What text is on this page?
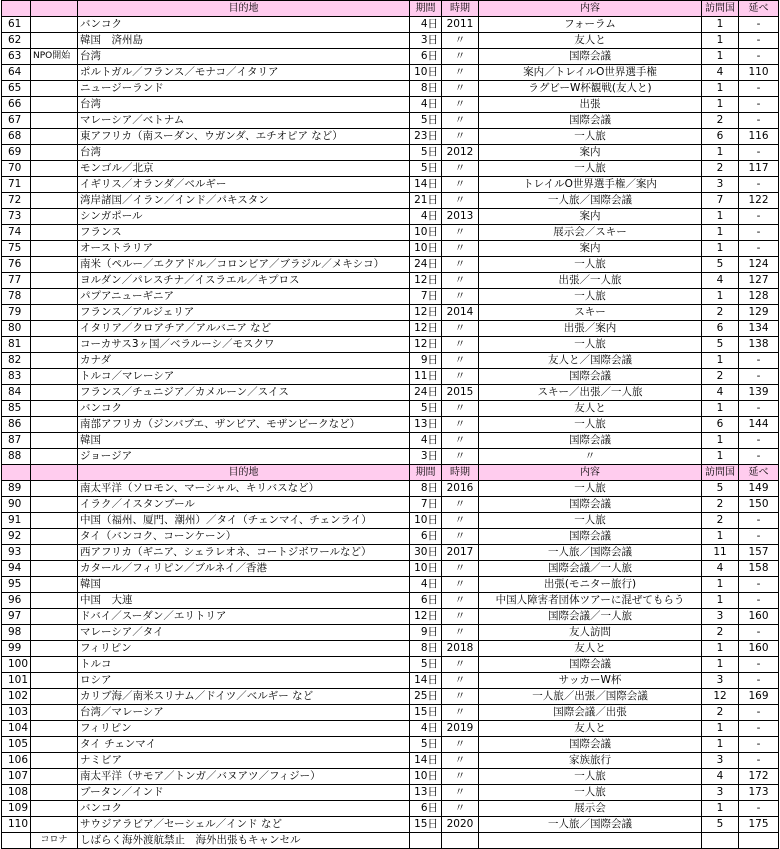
		目的地	期間	時期	内容	訪問国	延べ
61		バンコク	4日	2011	フォーラム	1	-
62		韓国　済州島	3日	〃	友人と	1	-
63	NPO開始	台湾	6日	〃	国際会議	1	-
64		ポルトガル／フランス／モナコ／イタリア	10日	〃	案内／トレイルO世界選手権	4	110
65		ニュージーランド	8日	〃	ラグビーW杯観戦(友人と)	1	-
66		台湾	4日	〃	出張	1	-
67		マレーシア／ベトナム	5日	〃	国際会議	2	-
68		東アフリカ（南スーダン、ウガンダ、エチオピア など）	23日	〃	一人旅	6	116
69		台湾	5日	2012	案内	1	-
70		モンゴル／北京	5日	〃	一人旅	2	117
71		イギリス／オランダ／ベルギー	14日	〃	トレイルO世界選手権／案内	3	-
72		湾岸諸国／イラン／インド／パキスタン	21日	〃	一人旅／国際会議	7	122
73		シンガポール	4日	2013	案内	1	-
74		フランス	10日	〃	展示会／スキー	1	-
75		オーストラリア	10日	〃	案内	1	-
76		南米（ペルー／エクアドル／コロンビア／ブラジル／メキシコ）	24日	〃	一人旅	5	124
77		ヨルダン／パレスチナ／イスラエル／キプロス	12日	〃	出張／一人旅	4	127
78		パプアニューギニア	7日	〃	一人旅	1	128
79		フランス／アルジェリア	12日	2014	スキー	2	129
80		イタリア／クロアチア／アルバニア など	12日	〃	出張／案内	6	134
81		コーカサス3ヶ国／ベラルーシ／モスクワ	12日	〃	一人旅	5	138
82		カナダ	9日	〃	友人と／国際会議	1	-
83		トルコ／マレーシア	11日	〃	国際会議	2	-
84		フランス／チュニジア／カメルーン／スイス	24日	2015	スキー／出張／一人旅	4	139
85		バンコク	5日	〃	友人と	1	-
86		南部アフリカ（ジンバブエ、ザンビア、モザンビークなど）	13日	〃	一人旅	6	144
87		韓国	4日	〃	国際会議	1	-
88		ジョージア	3日	〃	〃	1	-
		目的地	期間	時期	内容	訪問国	延べ
89		南太平洋（ソロモン、マーシャル、キリバスなど）	8日	2016	一人旅	5	149
90		イラク／イスタンブール	7日	〃	国際会議	2	150
91		中国（福州、厦門、潮州）／タイ（チェンマイ、チェンライ）	10日	〃	一人旅	2	-
92		タイ（バンコク、コーンケーン）	6日	〃	国際会議	1	-
93		西アフリカ（ギニア、シェラレオネ、コートジボワールなど）	30日	2017	一人旅／国際会議	11	157
94		カタール／フィリピン／ブルネイ／香港	10日	〃	国際会議／一人旅	4	158
95		韓国	4日	〃	出張(モニター旅行)	1	-
96		中国　大連	6日	〃	中国人障害者団体ツアーに混ぜてもらう	1	-
97		ドバイ／スーダン／エリトリア	12日	〃	国際会議／一人旅	3	160
98		マレーシア／タイ	9日	〃	友人訪問	2	-
99		フィリピン	8日	2018	友人と	1	160
100		トルコ	5日	〃	国際会議	1	-
101		ロシア	14日	〃	サッカーW杯	3	-
102		カリブ海／南米スリナム／ドイツ／ベルギー など	25日	〃	一人旅／出張／国際会議	12	169
103		台湾／マレーシア	15日	〃	国際会議／出張	2	-
104		フィリピン	4日	2019	友人と	1	-
105		タイ チェンマイ	5日	〃	国際会議	1	-
106		ナミビア	14日	〃	家族旅行	3	-
107		南太平洋（サモア／トンガ／バヌアツ／フィジー）	10日	〃	一人旅	4	172
108		ブータン／インド	13日	〃	一人旅	3	173
109		バンコク	6日	〃	展示会	1	-
110		サウジアラビア／セーシェル／インド など	15日	2020	一人旅／国際会議	5	175
	コロナ	しばらく海外渡航禁止　海外出張もキャンセル					
